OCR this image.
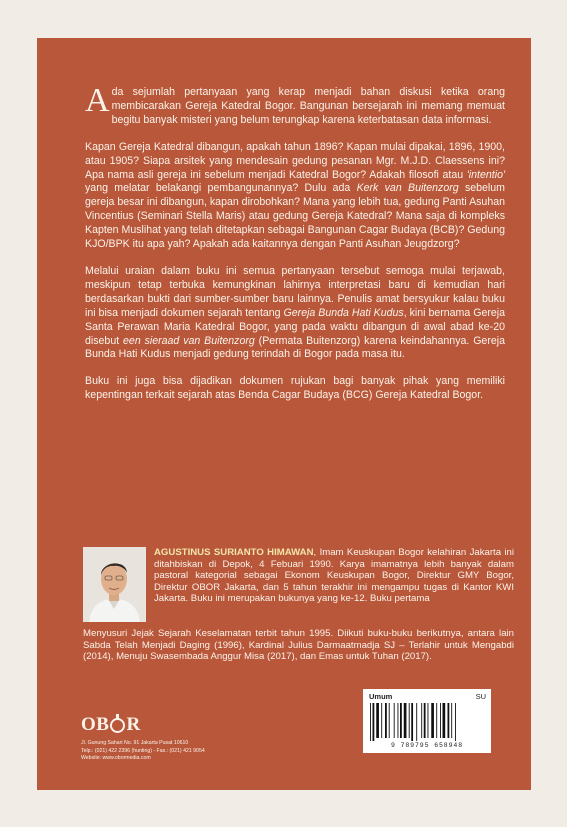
Ada sejumlah pertanyaan yang kerap menjadi bahan diskusi ketika orang membicarakan Gereja Katedral Bogor. Bangunan bersejarah ini memang memuat begitu banyak misteri yang belum terungkap karena keterbatasan data informasi.

Kapan Gereja Katedral dibangun, apakah tahun 1896? Kapan mulai dipakai, 1896, 1900, atau 1905? Siapa arsitek yang mendesain gedung pesanan Mgr. M.J.D. Claessens ini? Apa nama asli gereja ini sebelum menjadi Katedral Bogor? Adakah filosofi atau 'intentio' yang melatar belakangi pembangunannya? Dulu ada Kerk van Buitenzorg sebelum gereja besar ini dibangun, kapan dirobohkan? Mana yang lebih tua, gedung Panti Asuhan Vincentius (Seminari Stella Maris) atau gedung Gereja Katedral? Mana saja di kompleks Kapten Muslihat yang telah ditetapkan sebagai Bangunan Cagar Budaya (BCB)? Gedung KJO/BPK itu apa yah? Apakah ada kaitannya dengan Panti Asuhan Jeugdzorg?

Melalui uraian dalam buku ini semua pertanyaan tersebut semoga mulai terjawab, meskipun tetap terbuka kemungkinan lahirnya interpretasi baru di kemudian hari berdasarkan bukti dari sumber-sumber baru lainnya. Penulis amat bersyukur kalau buku ini bisa menjadi dokumen sejarah tentang Gereja Bunda Hati Kudus, kini bernama Gereja Santa Perawan Maria Katedral Bogor, yang pada waktu dibangun di awal abad ke-20 disebut een sieraad van Buitenzorg (Permata Buitenzorg) karena keindahannya. Gereja Bunda Hati Kudus menjadi gedung terindah di Bogor pada masa itu.

Buku ini juga bisa dijadikan dokumen rujukan bagi banyak pihak yang memiliki kepentingan terkait sejarah atas Benda Cagar Budaya (BCG) Gereja Katedral Bogor.

AGUSTINUS SURIANTO HIMAWAN, Imam Keuskupan Bogor kelahiran Jakarta ini ditahbiskan di Depok, 4 Febuari 1990. Karya imamatnya lebih banyak dalam pastoral kategorial sebagai Ekonom Keuskupan Bogor, Direktur GMY Bogor, Direktur OBOR Jakarta, dan 5 tahun terakhir ini mengampu tugas di Kantor KWI Jakarta. Buku ini merupakan bukunya yang ke-12. Buku pertama
Menyusuri Jejak Sejarah Keselamatan terbit tahun 1995. Diikuti buku-buku berikutnya, antara lain Sabda Telah Menjadi Daging (1996), Kardinal Julius Darmaatmadja SJ – Terlahir untuk Mengabdi (2014), Menuju Swasembada Anggur Misa (2017), dan Emas untuk Tuhan (2017).
OB R
Jl. Gunung Sahari No. 91 Jakarta Pusat 10610
Telp.: (021) 422 2396 (hunting) - Fax.: (021) 421 9054
Website: www.obormedia.com
Umum	SU
9 789795 658948
